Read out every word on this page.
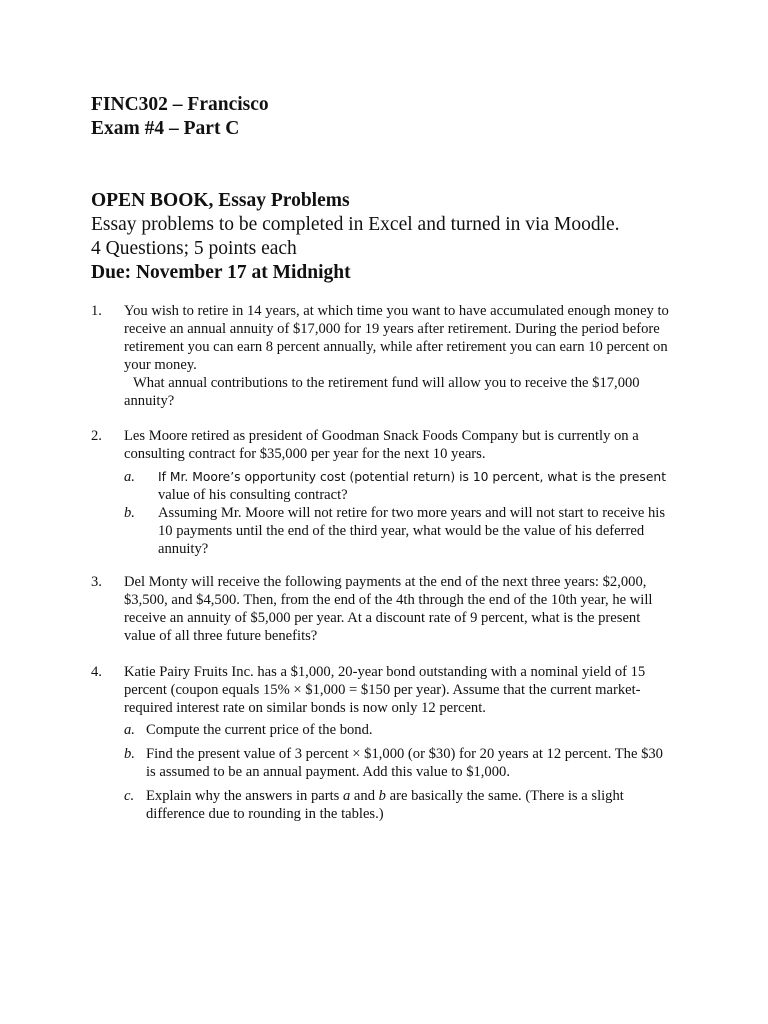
FINC302 – Francisco
Exam #4 – Part C
OPEN BOOK, Essay Problems
Essay problems to be completed in Excel and turned in via Moodle.
4 Questions; 5 points each
Due: November 17 at Midnight
1. You wish to retire in 14 years, at which time you want to have accumulated enough money to receive an annual annuity of $17,000 for 19 years after retirement. During the period before retirement you can earn 8 percent annually, while after retirement you can earn 10 percent on your money.

What annual contributions to the retirement fund will allow you to receive the $17,000 annuity?

2. Les Moore retired as president of Goodman Snack Foods Company but is currently on a consulting contract for $35,000 per year for the next 10 years.

a. If Mr. Moore’s opportunity cost (potential return) is 10 percent, what is the present value of his consulting contract?

b. Assuming Mr. Moore will not retire for two more years and will not start to receive his 10 payments until the end of the third year, what would be the value of his deferred annuity?

3. Del Monty will receive the following payments at the end of the next three years: $2,000, $3,500, and $4,500. Then, from the end of the 4th through the end of the 10th year, he will receive an annuity of $5,000 per year. At a discount rate of 9 percent, what is the present value of all three future benefits?

4. Katie Pairy Fruits Inc. has a $1,000, 20-year bond outstanding with a nominal yield of 15 percent (coupon equals 15% × $1,000 = $150 per year). Assume that the current market-required interest rate on similar bonds is now only 12 percent.

a. Compute the current price of the bond.

b. Find the present value of 3 percent × $1,000 (or $30) for 20 years at 12 percent. The $30 is assumed to be an annual payment. Add this value to $1,000.

c. Explain why the answers in parts a and b are basically the same. (There is a slight difference due to rounding in the tables.)
